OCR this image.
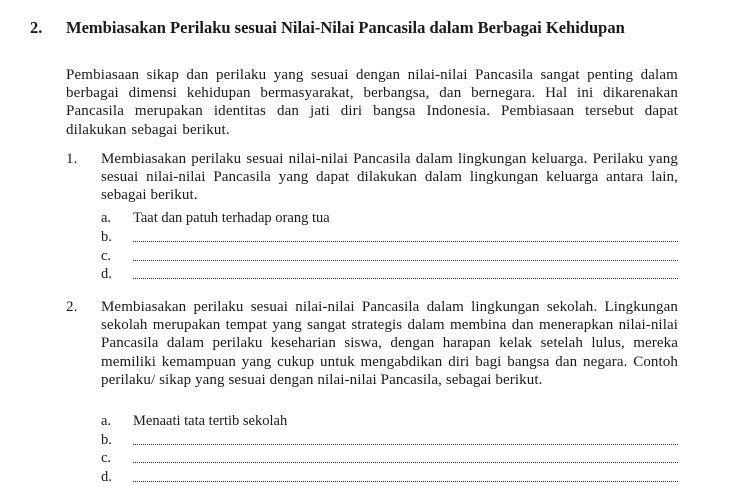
2. Membiasakan Perilaku sesuai Nilai-Nilai Pancasila dalam Berbagai Kehidupan
Pembiasaan sikap dan perilaku yang sesuai dengan nilai-nilai Pancasila sangat penting dalam berbagai dimensi kehidupan bermasyarakat, berbangsa, dan bernegara. Hal ini dikarenakan Pancasila merupakan identitas dan jati diri bangsa Indonesia. Pembiasaan tersebut dapat dilakukan sebagai berikut.
1. Membiasakan perilaku sesuai nilai-nilai Pancasila dalam lingkungan keluarga. Perilaku yang sesuai nilai-nilai Pancasila yang dapat dilakukan dalam lingkungan keluarga antara lain, sebagai berikut.
a. Taat dan patuh terhadap orang tua
b.
c.
d.
2. Membiasakan perilaku sesuai nilai-nilai Pancasila dalam lingkungan sekolah. Lingkungan sekolah merupakan tempat yang sangat strategis dalam membina dan menerapkan nilai-nilai Pancasila dalam perilaku keseharian siswa, dengan harapan kelak setelah lulus, mereka memiliki kemampuan yang cukup untuk mengabdikan diri bagi bangsa dan negara. Contoh perilaku/ sikap yang sesuai dengan nilai-nilai Pancasila, sebagai berikut.
a. Menaati tata tertib sekolah
b.
c.
d.
